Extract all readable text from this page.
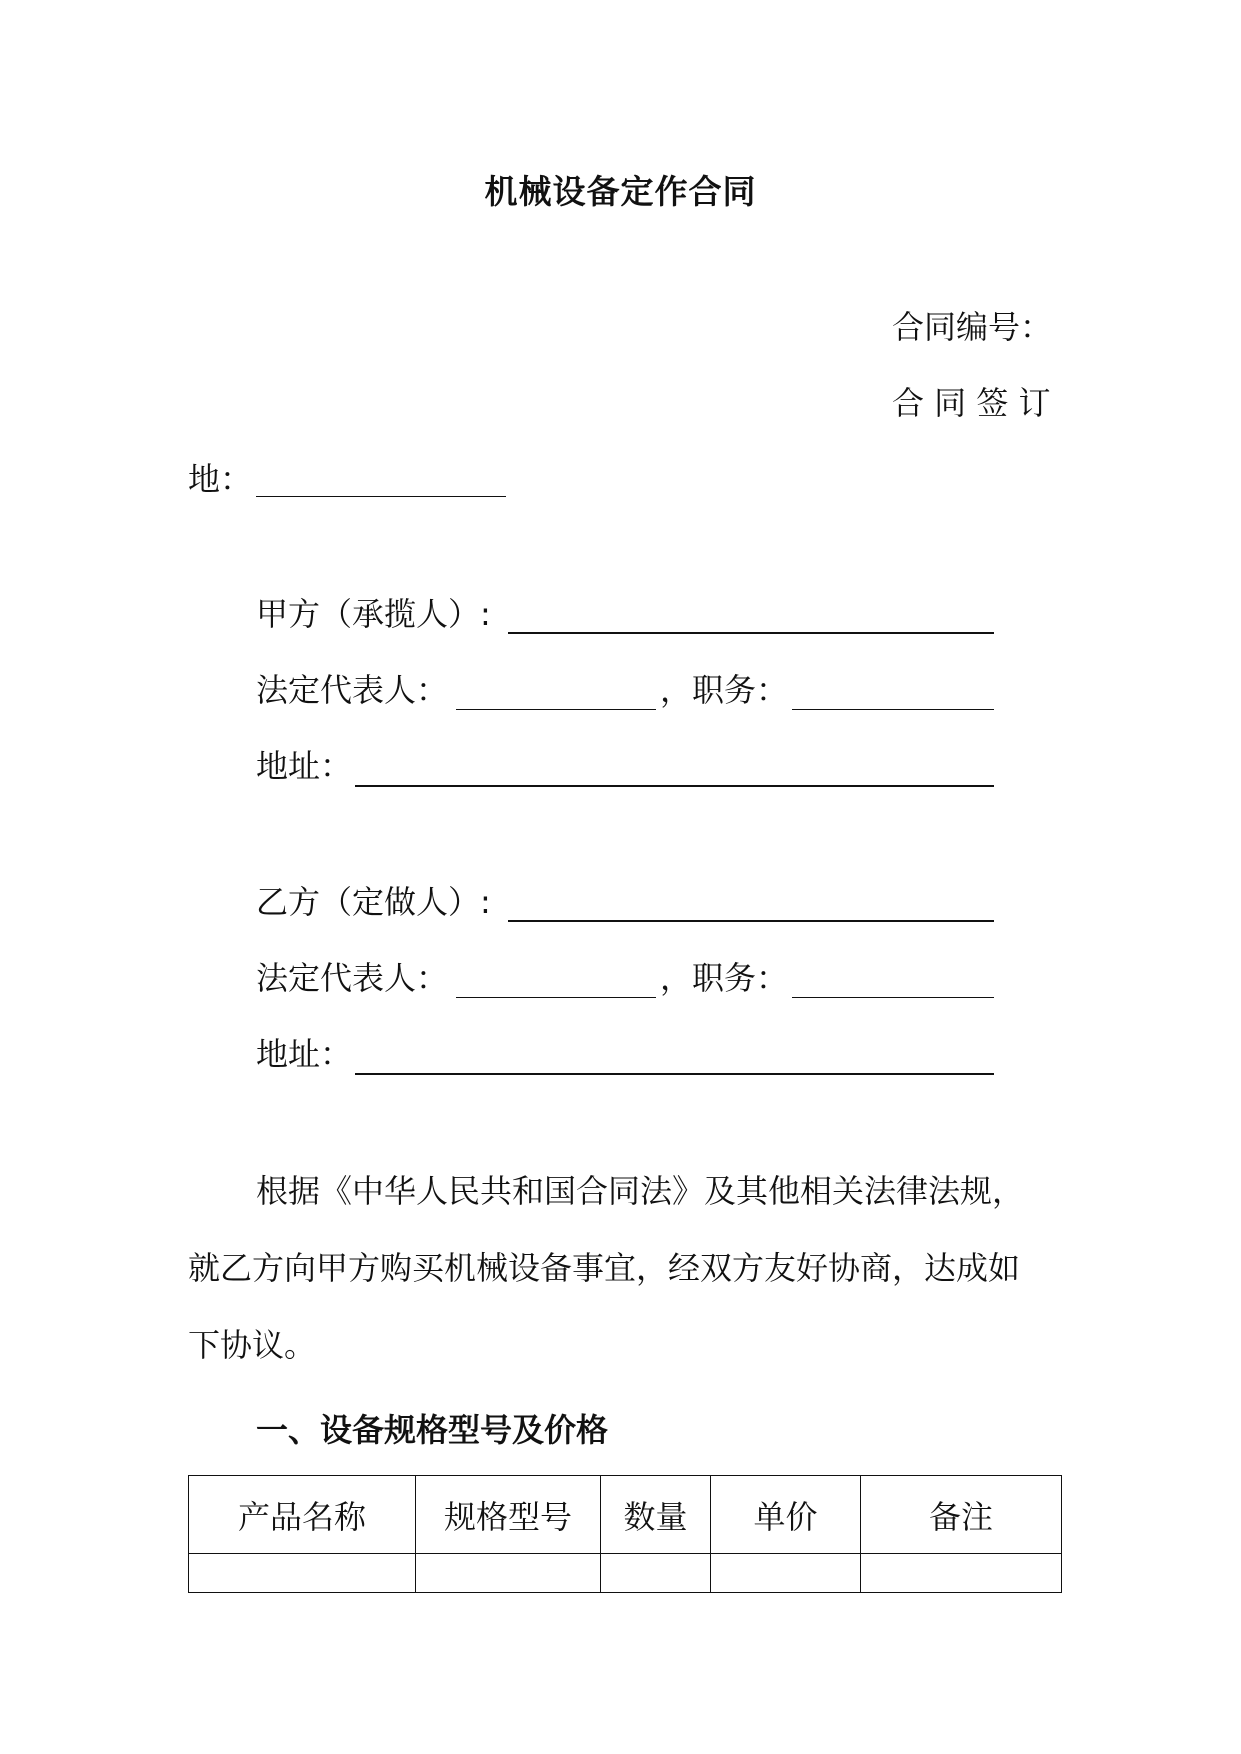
机械设备定作合同
合同编号：
合 同 签 订
地：
甲方（承揽人）:
法定代表人：	，职务：
地址：
乙方（定做人）:
法定代表人：	，职务：
地址：
根据《中华人民共和国合同法》及其他相关法律法规，
就乙方向甲方购买机械设备事宜，经双方友好协商，达成如
下协议。
一、设备规格型号及价格
产品名称	规格型号	数量	单价	备注
